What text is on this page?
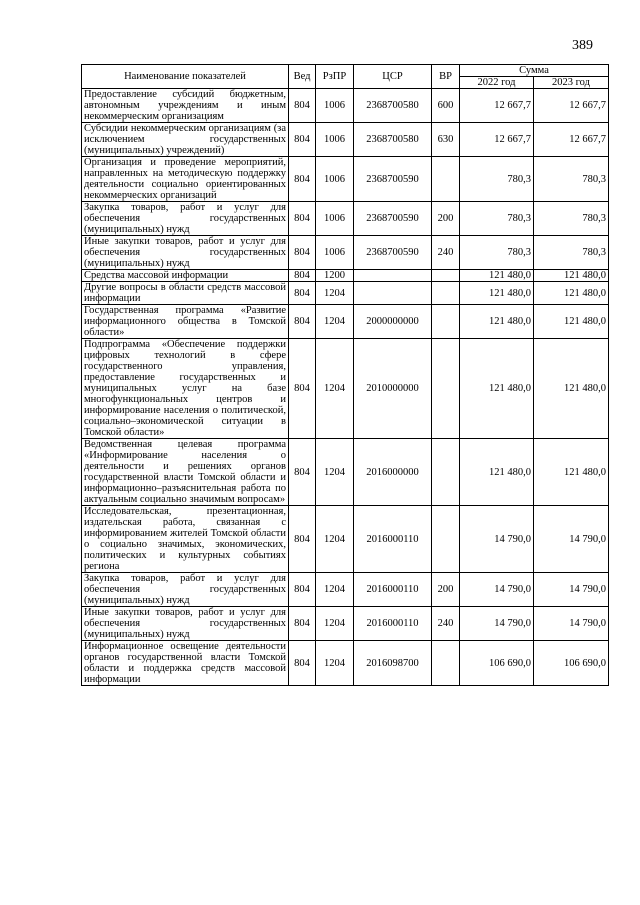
389
Наименование показателей	Вед	РзПР	ЦСР	ВР	Сумма	
					2022 год	2023 год
Предоставление субсидий бюджетным, автономным учреждениям и иным некоммерческим организациям	804	1006	2368700580	600	12 667,7	12 667,7
Субсидии некоммерческим организациям (за исключением государственных (муниципальных) учреждений)	804	1006	2368700580	630	12 667,7	12 667,7
Организация и проведение мероприятий, направленных на методическую поддержку деятельности социально ориентированных некоммерческих организаций	804	1006	2368700590		780,3	780,3
Закупка товаров, работ и услуг для обеспечения государственных (муниципальных) нужд	804	1006	2368700590	200	780,3	780,3
Иные закупки товаров, работ и услуг для обеспечения государственных (муниципальных) нужд	804	1006	2368700590	240	780,3	780,3
Средства массовой информации	804	1200			121 480,0	121 480,0
Другие вопросы в области средств массовой информации	804	1204			121 480,0	121 480,0
Государственная программа «Развитие информационного общества в Томской области»	804	1204	2000000000		121 480,0	121 480,0
Подпрограмма «Обеспечение поддержки цифровых технологий в сфере государственного управления, предоставление государственных и муниципальных услуг на базе многофункциональных центров и информирование населения о политической, социально–экономической ситуации в Томской области»	804	1204	2010000000		121 480,0	121 480,0
Ведомственная целевая программа «Информирование населения о деятельности и решениях органов государственной власти Томской области и информационно–разъяснительная работа по актуальным социально значимым вопросам»	804	1204	2016000000		121 480,0	121 480,0
Исследовательская, презентационная, издательская работа, связанная с информированием жителей Томской области о социально значимых, экономических, политических и культурных событиях региона	804	1204	2016000110		14 790,0	14 790,0
Закупка товаров, работ и услуг для обеспечения государственных (муниципальных) нужд	804	1204	2016000110	200	14 790,0	14 790,0
Иные закупки товаров, работ и услуг для обеспечения государственных (муниципальных) нужд	804	1204	2016000110	240	14 790,0	14 790,0
Информационное освещение деятельности органов государственной власти Томской области и поддержка средств массовой информации	804	1204	2016098700		106 690,0	106 690,0
